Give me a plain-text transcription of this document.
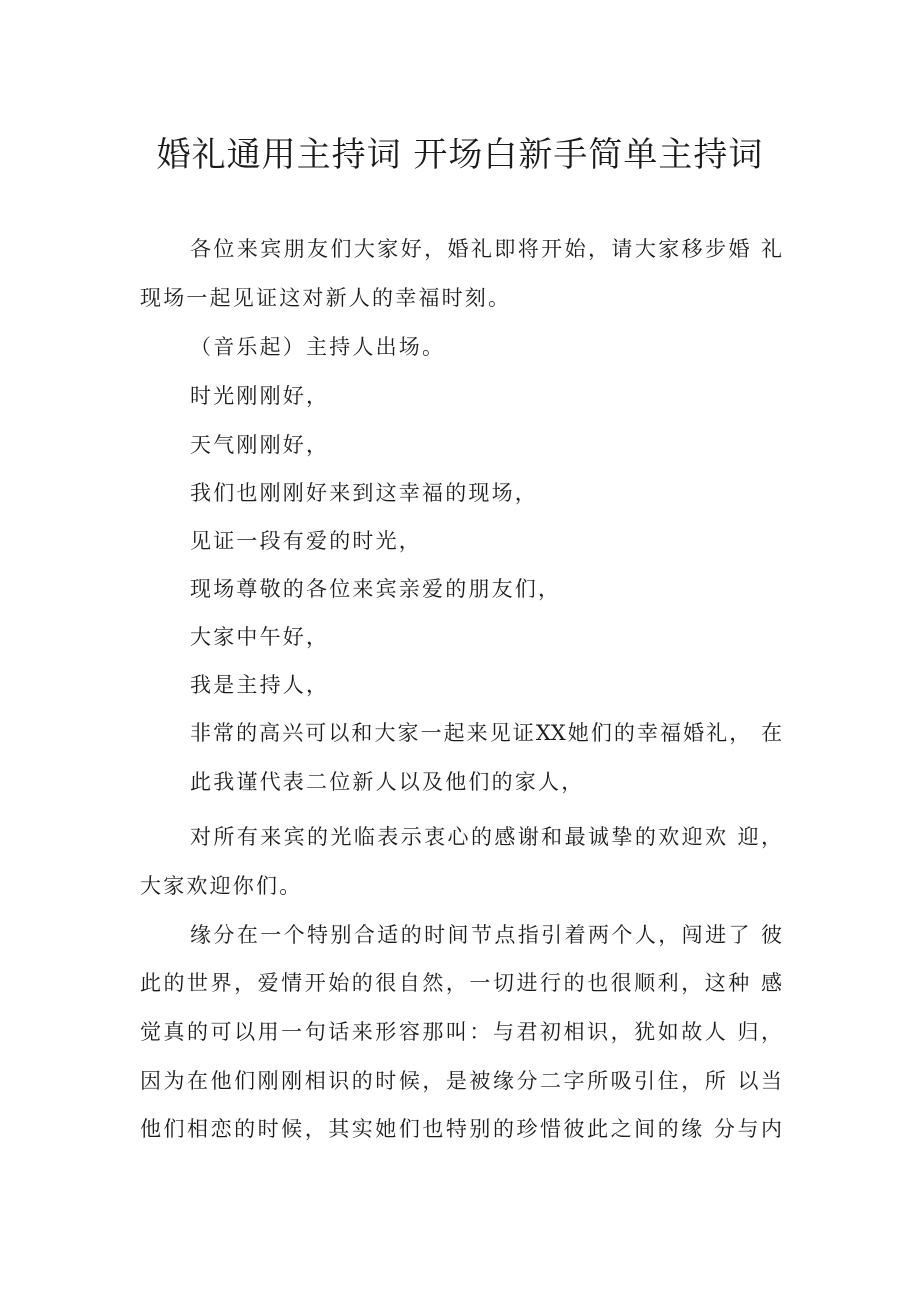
婚礼通用主持词 开场白新手简单主持词
各位来宾朋友们大家好，婚礼即将开始，请大家移步婚 礼
现场一起见证这对新人的幸福时刻。
（音乐起）主持人出场。
时光刚刚好，
天气刚刚好，
我们也刚刚好来到这幸福的现场，
见证一段有爱的时光，
现场尊敬的各位来宾亲爱的朋友们，
大家中午好，
我是主持人，
非常的高兴可以和大家一起来见证XX她们的幸福婚礼， 在
此我谨代表二位新人以及他们的家人，
对所有来宾的光临表示衷心的感谢和最诚挚的欢迎欢 迎，
大家欢迎你们。
缘分在一个特别合适的时间节点指引着两个人，闯进了 彼
此的世界，爱情开始的很自然，一切进行的也很顺利，这种 感
觉真的可以用一句话来形容那叫：与君初相识，犹如故人 归，
因为在他们刚刚相识的时候，是被缘分二字所吸引住，所 以当
他们相恋的时候，其实她们也特别的珍惜彼此之间的缘 分与内
